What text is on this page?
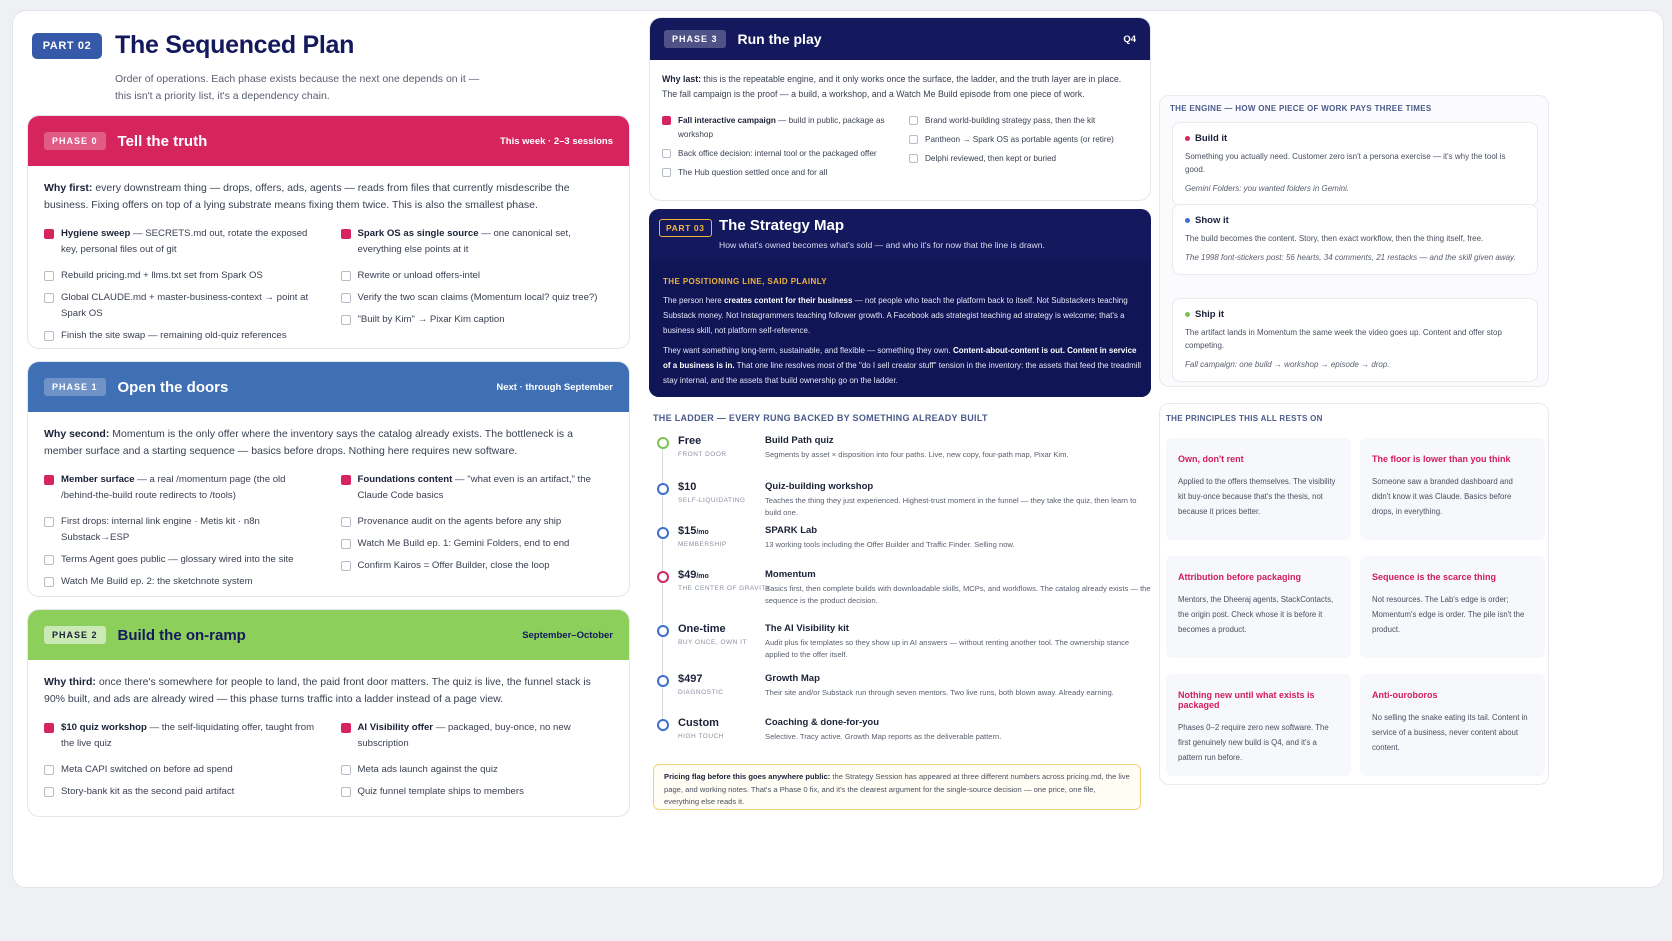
PART 02 The Sequenced Plan
Order of operations. Each phase exists because the next one depends on it —
this isn't a priority list, it's a dependency chain.
PHASE 0	Tell the truth	This week · 2–3 sessions
Why first: every downstream thing — drops, offers, ads, agents — reads from files that currently misdescribe the business. Fixing offers on top of a lying substrate means fixing them twice. This is also the smallest phase.
Hygiene sweep — SECRETS.md out, rotate the exposed key, personal files out of git
Rebuild pricing.md + llms.txt set from Spark OS
Global CLAUDE.md + master-business-context → point at Spark OS
Finish the site swap — remaining old-quiz references
Spark OS as single source — one canonical set, everything else points at it
Rewrite or unload offers-intel
Verify the two scan claims (Momentum local? quiz tree?)
"Built by Kim" → Pixar Kim caption
PHASE 1	Open the doors	Next · through September
Why second: Momentum is the only offer where the inventory says the catalog already exists. The bottleneck is a member surface and a starting sequence — basics before drops. Nothing here requires new software.
Member surface — a real /momentum page (the old /behind-the-build route redirects to /tools)
First drops: internal link engine · Metis kit · n8n Substack→ESP
Terms Agent goes public — glossary wired into the site
Watch Me Build ep. 2: the sketchnote system
Foundations content — "what even is an artifact," the Claude Code basics
Provenance audit on the agents before any ship
Watch Me Build ep. 1: Gemini Folders, end to end
Confirm Kairos = Offer Builder, close the loop
PHASE 2	Build the on-ramp	September–October
Why third: once there's somewhere for people to land, the paid front door matters. The quiz is live, the funnel stack is 90% built, and ads are already wired — this phase turns traffic into a ladder instead of a page view.
$10 quiz workshop — the self-liquidating offer, taught from the live quiz
Meta CAPI switched on before ad spend
Story-bank kit as the second paid artifact
AI Visibility offer — packaged, buy-once, no new subscription
Meta ads launch against the quiz
Quiz funnel template ships to members
PHASE 3	Run the play	Q4
Why last: this is the repeatable engine, and it only works once the surface, the ladder, and the truth layer are in place. The fall campaign is the proof — a build, a workshop, and a Watch Me Build episode from one piece of work.
Fall interactive campaign — build in public, package as workshop
Back office decision: internal tool or the packaged offer
The Hub question settled once and for all
Brand world-building strategy pass, then the kit
Pantheon → Spark OS as portable agents (or retire)
Delphi reviewed, then kept or buried
PART 03 The Strategy Map
How what's owned becomes what's sold — and who it's for now that the line is drawn.
THE POSITIONING LINE, SAID PLAINLY
The person here creates content for their business — not people who teach the platform back to itself. Not Substackers teaching Substack money. Not Instagrammers teaching follower growth. A Facebook ads strategist teaching ad strategy is welcome; that's a business skill, not platform self-reference.
They want something long-term, sustainable, and flexible — something they own. Content-about-content is out. Content in service of a business is in. That one line resolves most of the "do I sell creator stuff" tension in the inventory: the assets that feed the treadmill stay internal, and the assets that build ownership go on the ladder.
THE LADDER — EVERY RUNG BACKED BY SOMETHING ALREADY BUILT
Free
FRONT DOOR
Build Path quiz
Segments by asset × disposition into four paths. Live, new copy, four-path map, Pixar Kim.
$10
SELF-LIQUIDATING
Quiz-building workshop
Teaches the thing they just experienced. Highest-trust moment in the funnel — they take the quiz, then learn to build one.
$15/mo
MEMBERSHIP
SPARK Lab
13 working tools including the Offer Builder and Traffic Finder. Selling now.
$49/mo
THE CENTER OF GRAVITY
Momentum
Basics first, then complete builds with downloadable skills, MCPs, and workflows. The catalog already exists — the sequence is the product decision.
One-time
BUY ONCE, OWN IT
The AI Visibility kit
Audit plus fix templates so they show up in AI answers — without renting another tool. The ownership stance applied to the offer itself.
$497
DIAGNOSTIC
Growth Map
Their site and/or Substack run through seven mentors. Two live runs, both blown away. Already earning.
Custom
HIGH TOUCH
Coaching & done-for-you
Selective. Tracy active. Growth Map reports as the deliverable pattern.
Pricing flag before this goes anywhere public: the Strategy Session has appeared at three different numbers across pricing.md, the live page, and working notes. That's a Phase 0 fix, and it's the clearest argument for the single-source decision — one price, one file, everything else reads it.
THE ENGINE — HOW ONE PIECE OF WORK PAYS THREE TIMES
Build it
Something you actually need. Customer zero isn't a persona exercise — it's why the tool is good.
Gemini Folders: you wanted folders in Gemini.
Show it
The build becomes the content. Story, then exact workflow, then the thing itself, free.
The 1998 font-stickers post: 56 hearts, 34 comments, 21 restacks — and the skill given away.
Ship it
The artifact lands in Momentum the same week the video goes up. Content and offer stop competing.
Fall campaign: one build → workshop → episode → drop.
THE PRINCIPLES THIS ALL RESTS ON
Own, don't rent
Applied to the offers themselves. The visibility kit buy-once because that's the thesis, not because it prices better.
The floor is lower than you think
Someone saw a branded dashboard and didn't know it was Claude. Basics before drops, in everything.
Attribution before packaging
Mentors, the Dheeraj agents, StackContacts, the origin post. Check whose it is before it becomes a product.
Sequence is the scarce thing
Not resources. The Lab's edge is order; Momentum's edge is order. The pile isn't the product.
Nothing new until what exists is packaged
Phases 0–2 require zero new software. The first genuinely new build is Q4, and it's a pattern run before.
Anti-ouroboros
No selling the snake eating its tail. Content in service of a business, never content about content.
